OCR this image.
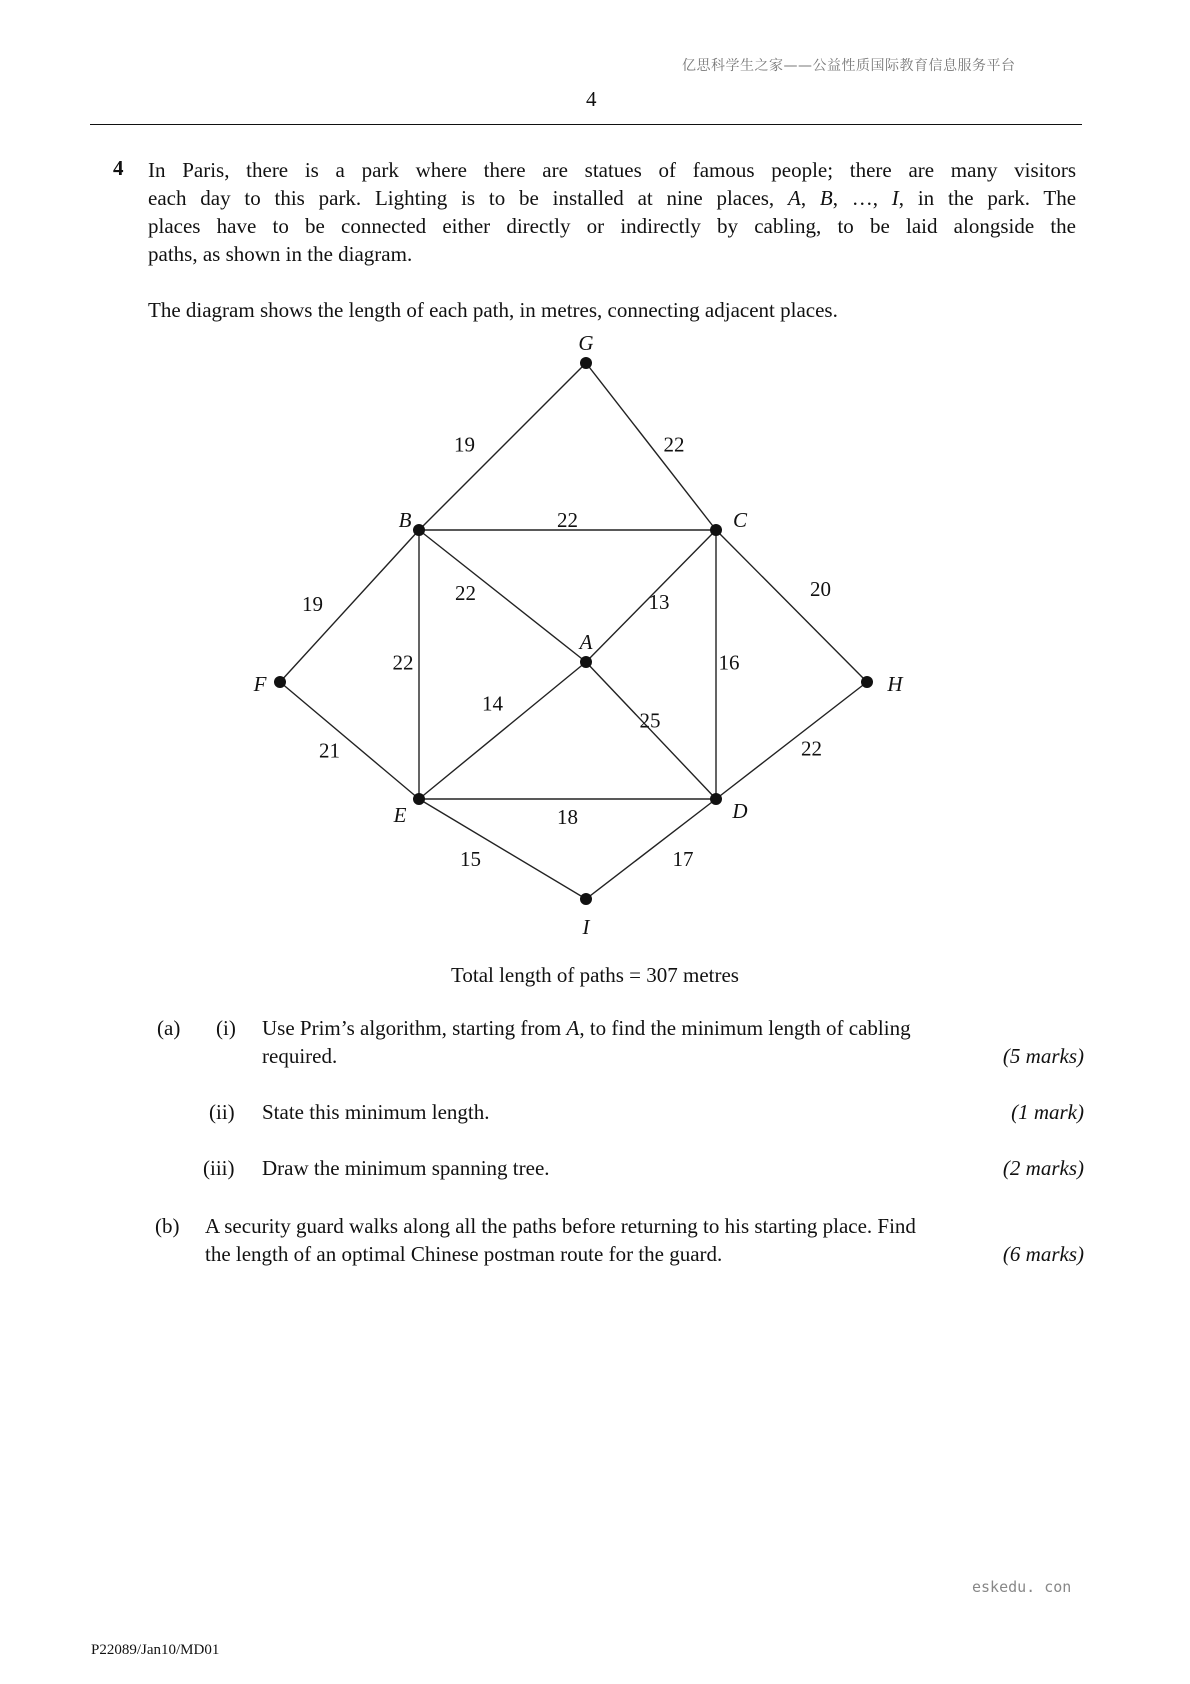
亿思科学生之家——公益性质国际教育信息服务平台
4
4 In Paris, there is a park where there are statues of famous people; there are many visitors
each day to this park. Lighting is to be installed at nine places, A, B, …, I, in the park. The
places have to be connected either directly or indirectly by cabling, to be laid alongside the
paths, as shown in the diagram.
The diagram shows the length of each path, in metres, connecting adjacent places.
19	22
22
19	22
22
13
20
16
21
14
25
22
18
15	17
A
B	C
D
E
F
G
H
I
Total length of paths = 307 metres
(a) (i) Use Prim’s algorithm, starting from A, to find the minimum length of cabling
required.	(5 marks)
(ii) State this minimum length.	(1 mark)
(iii) Draw the minimum spanning tree.	(2 marks)
(b) A security guard walks along all the paths before returning to his starting place. Find
the length of an optimal Chinese postman route for the guard.	(6 marks)
eskedu. con
P22089/Jan10/MD01
